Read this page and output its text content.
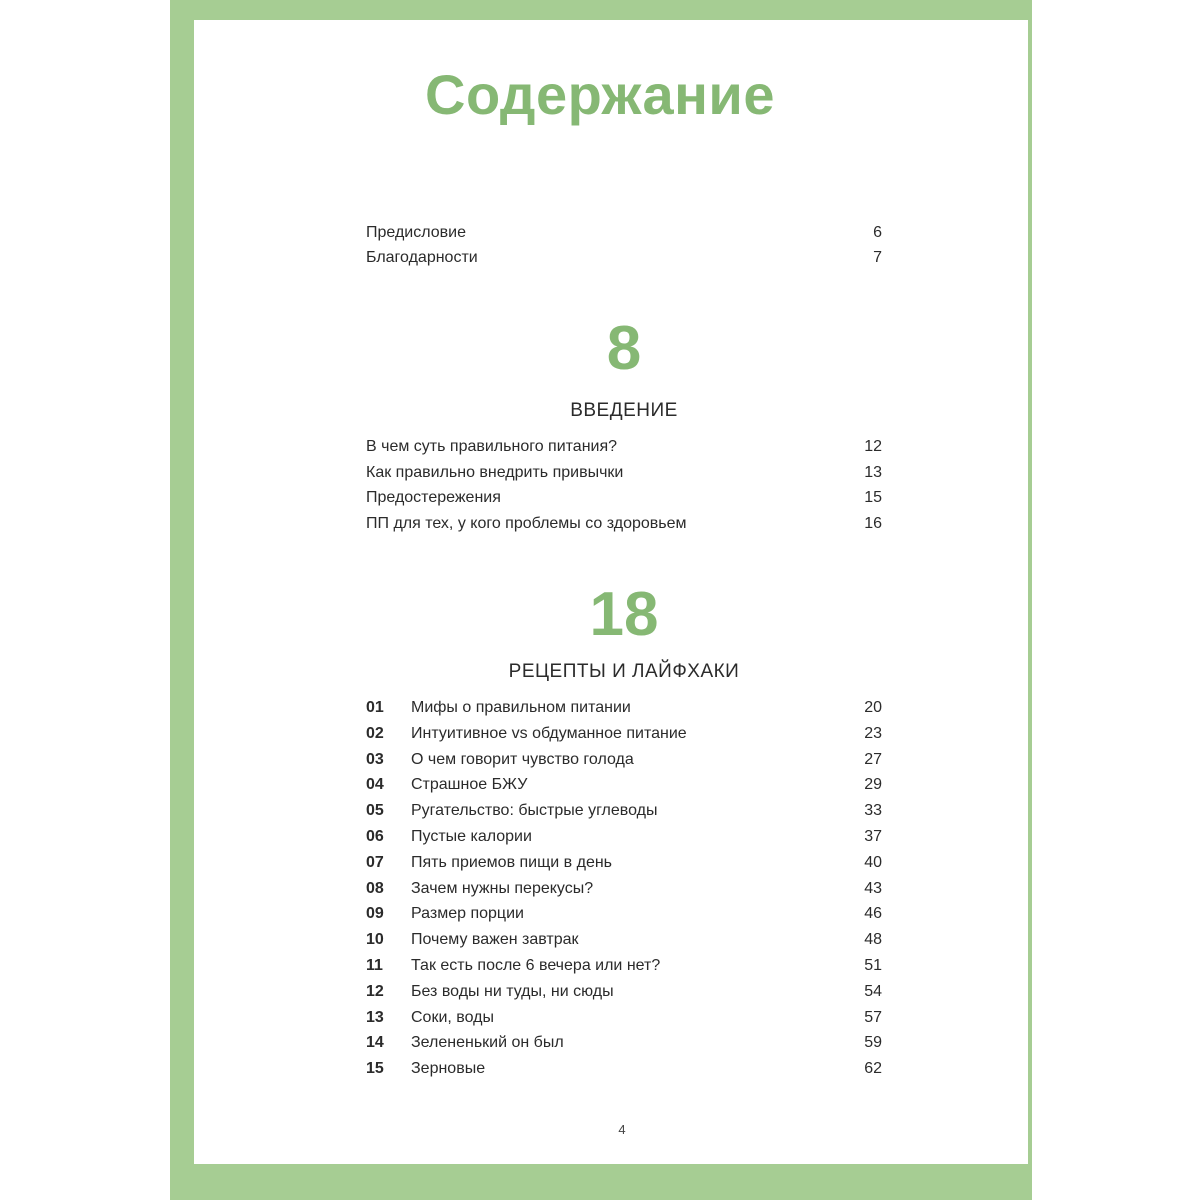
Содержание
Предисловие	6
Благодарности	7
8
ВВЕДЕНИЕ
В чем суть правильного питания?	12
Как правильно внедрить привычки	13
Предостережения	15
ПП для тех, у кого проблемы со здоровьем	16
18
РЕЦЕПТЫ И ЛАЙФХАКИ
01 Мифы о правильном питании	20
02 Интуитивное vs обдуманное питание	23
03 О чем говорит чувство голода	27
04 Страшное БЖУ	29
05 Ругательство: быстрые углеводы	33
06 Пустые калории	37
07 Пять приемов пищи в день	40
08 Зачем нужны перекусы?	43
09 Размер порции	46
10 Почему важен завтрак	48
11 Так есть после 6 вечера или нет?	51
12 Без воды ни туды, ни сюды	54
13 Соки, воды	57
14 Зелененький он был	59
15 Зерновые	62
4
